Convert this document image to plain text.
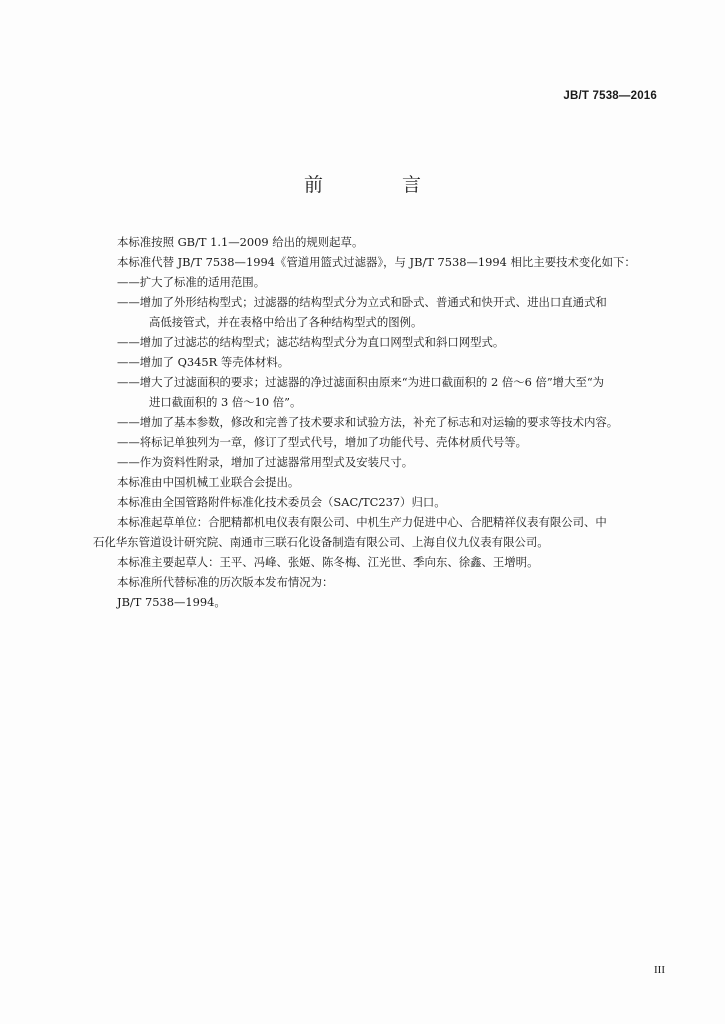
JB/T 7538—2016
前　言
本标准按照 GB/T 1.1—2009 给出的规则起草。
本标准代替 JB/T 7538—1994《管道用篮式过滤器》，与 JB/T 7538—1994 相比主要技术变化如下：
——扩大了标准的适用范围。
——增加了外形结构型式；过滤器的结构型式分为立式和卧式、普通式和快开式、进出口直通式和
高低接管式，并在表格中给出了各种结构型式的图例。
——增加了过滤芯的结构型式；滤芯结构型式分为直口网型式和斜口网型式。
——增加了 Q345R 等壳体材料。
——增大了过滤面积的要求；过滤器的净过滤面积由原来“为进口截面积的 2 倍～6 倍”增大至“为
进口截面积的 3 倍～10 倍”。
——增加了基本参数，修改和完善了技术要求和试验方法，补充了标志和对运输的要求等技术内容。
——将标记单独列为一章，修订了型式代号，增加了功能代号、壳体材质代号等。
——作为资料性附录，增加了过滤器常用型式及安装尺寸。
本标准由中国机械工业联合会提出。
本标准由全国管路附件标准化技术委员会（SAC/TC237）归口。
本标准起草单位：合肥精都机电仪表有限公司、中机生产力促进中心、合肥精祥仪表有限公司、中
石化华东管道设计研究院、南通市三联石化设备制造有限公司、上海自仪九仪表有限公司。
本标准主要起草人：王平、冯峰、张姬、陈冬梅、江光世、季向东、徐鑫、王增明。
本标准所代替标准的历次版本发布情况为：
JB/T 7538—1994。
III
